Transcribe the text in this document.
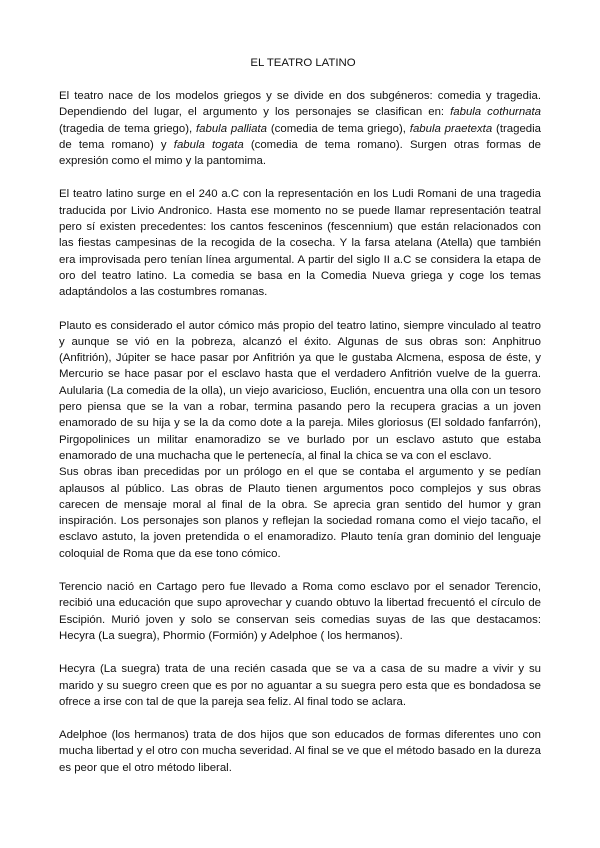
EL TEATRO LATINO

El teatro nace de los modelos griegos y se divide en dos subgéneros: comedia y tragedia. Dependiendo del lugar, el argumento y los personajes se clasifican en: fabula cothurnata (tragedia de tema griego), fabula palliata (comedia de tema griego), fabula praetexta (tragedia de tema romano) y fabula togata (comedia de tema romano). Surgen otras formas de expresión como el mimo y la pantomima.

El teatro latino surge en el 240 a.C con la representación en los Ludi Romani de una tragedia traducida por Livio Andronico. Hasta ese momento no se puede llamar representación teatral pero sí existen precedentes: los cantos fesceninos (fescennium) que están relacionados con las fiestas campesinas de la recogida de la cosecha. Y la farsa atelana (Atella) que también era improvisada pero tenían línea argumental. A partir del siglo II a.C se considera la etapa de oro del teatro latino. La comedia se basa en la Comedia Nueva griega y coge los temas adaptándolos a las costumbres romanas.

Plauto es considerado el autor cómico más propio del teatro latino, siempre vinculado al teatro y aunque se vió en la pobreza, alcanzó el éxito. Algunas de sus obras son: Anphitruo (Anfitrión), Júpiter se hace pasar por Anfitrión ya que le gustaba Alcmena, esposa de éste, y Mercurio se hace pasar por el esclavo hasta que el verdadero Anfitrión vuelve de la guerra. Aulularia (La comedia de la olla), un viejo avaricioso, Euclión, encuentra una olla con un tesoro pero piensa que se la van a robar, termina pasando pero la recupera gracias a un joven enamorado de su hija y se la da como dote a la pareja. Miles gloriosus (El soldado fanfarrón), Pirgopolinices un militar enamoradizo se ve burlado por un esclavo astuto que estaba enamorado de una muchacha que le pertenecía, al final la chica se va con el esclavo.

Sus obras iban precedidas por un prólogo en el que se contaba el argumento y se pedían aplausos al público. Las obras de Plauto tienen argumentos poco complejos y sus obras carecen de mensaje moral al final de la obra. Se aprecia gran sentido del humor y gran inspiración. Los personajes son planos y reflejan la sociedad romana como el viejo tacaño, el esclavo astuto, la joven pretendida o el enamoradizo. Plauto tenía gran dominio del lenguaje coloquial de Roma que da ese tono cómico.

Terencio nació en Cartago pero fue llevado a Roma como esclavo por el senador Terencio, recibió una educación que supo aprovechar y cuando obtuvo la libertad frecuentó el círculo de Escipión. Murió joven y solo se conservan seis comedias suyas de las que destacamos: Hecyra (La suegra), Phormio (Formión) y Adelphoe ( los hermanos).

Hecyra (La suegra) trata de una recién casada que se va a casa de su madre a vivir y su marido y su suegro creen que es por no aguantar a su suegra pero esta que es bondadosa se ofrece a irse con tal de que la pareja sea feliz. Al final todo se aclara.

Adelphoe (los hermanos) trata de dos hijos que son educados de formas diferentes uno con mucha libertad y el otro con mucha severidad. Al final se ve que el método basado en la dureza es peor que el otro método liberal.
